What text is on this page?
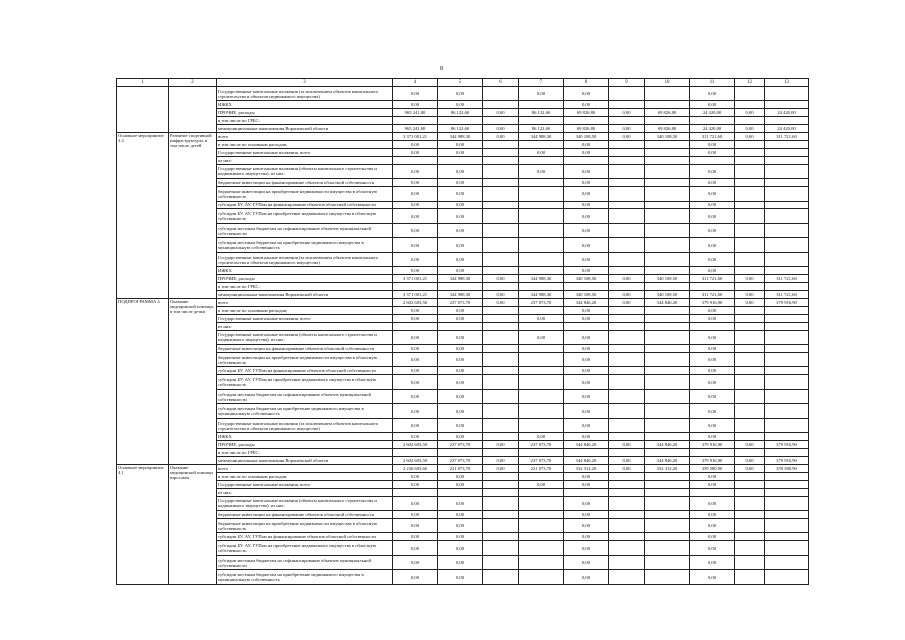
8
1	2	3	4	5	6	7	8	9	10	11	12	13
		Государственные капитальные вложения (за исключением объектов капитального строительства и объектов недвижимого имущества)	0,00	0,00		0,00	0,00			0,00		
		ИЖКХ	0,00	0,00			0,00			0,00		
		ПРОЧИЕ, расходы	965 241,80	86 122,60	0,00	86 122,60	69 826,80	0,00	69 826,80	24 420,00	0,00	24 420,00
		в том числе по ГРБС:										
		межмуниципальные капвложения Воронежской области	965 241,80	86 122,60	0,00	86 122,60	69 826,80	0,00	69 826,80	24 420,00	0,00	24 420,00
Основное мероприятие 3.2	Развитие спортивной инфраструктуры, в том числе детей	всего	3 371 001,21	344 988,30	0,00	344 988,30	340 108,50	0,00	340 108,50	311 721,60	0,00	311 721,60
		в том числе по основным расходам	0,00	0,00			0,00			0,00		
		Государственные капитальные вложения, всего	0,00	0,00		0,00	0,00			0,00		
		из них:										
		Государственные капитальные вложения (объекты капитального строительства и недвижимого имущества), из них:	0,00	0,00		0,00	0,00			0,00		
		бюджетные инвестиции на финансирование объектов областной собственности	0,00	0,00			0,00			0,00		
		бюджетные инвестиции на приобретение недвижимости имущества в областную собственность	0,00	0,00			0,00			0,00		
		субсидии БУ, АУ, ГУПам на финансирование объектов областной собственности	0,00	0,00			0,00			0,00		
		субсидии БУ, АУ, ГУПам на приобретение недвижимого имущества в областную собственность	0,00	0,00			0,00			0,00		
		субсидии местным бюджетам на софинансирование объектов муниципальной собственности	0,00	0,00			0,00			0,00		
		субсидии местным бюджетам на приобретение недвижимого имущества в муниципальную собственность	0,00	0,00			0,00			0,00		
		Государственные капитальные вложения (за исключением объектов капитального строительства и объектов недвижимого имущества)	0,00	0,00			0,00			0,00		
		ИЖКХ	0,00	0,00			0,00			0,00		
		ПРОЧИЕ, расходы	3 371 001,21	344 988,30	0,00	344 988,30	340 108,50	0,00	340 108,50	311 721,60	0,00	311 721,60
		в том числе по ГРБС:										
		межмуниципальные капвложения Воронежской области	3 371 001,21	344 988,30	0,00	344 988,30	340 108,50	0,00	340 108,50	311 721,60	0,00	311 721,60
ПОДПРОГРАММА 4	Оказание медицинской помощи, в том числе детям	всего	2 602 603,50	237 073,70	0,00	237 073,70	344 846,20	0,00	344 846,20	379 916,90	0,00	379 916,90
		в том числе по основным расходам	0,00	0,00			0,00			0,00		
		Государственные капитальные вложения, всего	0,00	0,00		0,00	0,00			0,00		
		из них:										
		Государственные капитальные вложения (объекты капитального строительства и недвижимого имущества), из них:	0,00	0,00		0,00	0,00			0,00		
		бюджетные инвестиции на финансирование объектов областной собственности	0,00	0,00			0,00			0,00		
		бюджетные инвестиции на приобретение недвижимости имущества в областную собственность	0,00	0,00			0,00			0,00		
		субсидии БУ, АУ, ГУПам на финансирование объектов областной собственности	0,00	0,00			0,00			0,00		
		субсидии БУ, АУ, ГУПам на приобретение недвижимого имущества в областную собственность	0,00	0,00			0,00			0,00		
		субсидии местным бюджетам на софинансирование объектов муниципальной собственности	0,00	0,00			0,00			0,00		
		субсидии местным бюджетам на приобретение недвижимого имущества в муниципальную собственность	0,00	0,00			0,00			0,00		
		Государственные капитальные вложения (за исключением объектов капитального строительства и объектов недвижимого имущества)	0,00	0,00			0,00			0,00		
		ИЖКХ	0,00	0,00		0,00	0,00			0,00		
		ПРОЧИЕ, расходы	2 602 603,50	237 073,70	0,00	237 073,70	344 846,20	0,00	344 846,20	379 916,90	0,00	379 916,90
		в том числе по ГРБС:										
		межмуниципальные капвложения Воронежской области	2 602 603,50	237 073,70	0,00	237 073,70	344 846,20	0,00	344 846,20	379 916,90	0,00	379 916,90
Основное мероприятие 4.1	Оказание медицинской помощи взрослым	всего	2 236 603,60	221 073,70	0,00	221 073,70	332 312,20	0,00	332 312,20	359 580,90	0,00	359 580,90
		в том числе по основным расходам	0,00	0,00			0,00			0,00		
		Государственные капитальные вложения, всего	0,00	0,00		0,00	0,00			0,00		
		из них:										
		Государственные капитальные вложения (объекты капитального строительства и недвижимого имущества), из них:	0,00	0,00			0,00			0,00		
		бюджетные инвестиции на финансирование объектов областной собственности	0,00	0,00			0,00			0,00		
		бюджетные инвестиции на приобретение недвижимости имущества в областную собственность	0,00	0,00			0,00			0,00		
		субсидии БУ, АУ, ГУПам на финансирование объектов областной собственности	0,00	0,00			0,00			0,00		
		субсидии БУ, АУ, ГУПам на приобретение недвижимого имущества в областную собственность	0,00	0,00			0,00			0,00		
		субсидии местным бюджетам на софинансирование объектов муниципальной собственности	0,00	0,00			0,00			0,00		
		субсидии местным бюджетам на приобретение недвижимого имущества в муниципальную собственность	0,00	0,00			0,00			0,00		
